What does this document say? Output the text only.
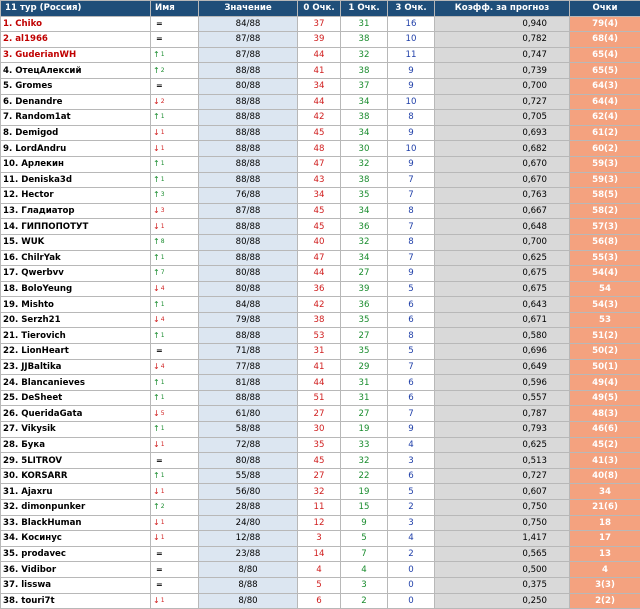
11 тур (Россия)	Имя	Значение	0 Очк.	1 Очк.	3 Очк.	Коэфф. за прогноз	Очки
1. Chiko	=	84/88	37	31	16	0,940	79(4)
2. al1966	=	87/88	39	38	10	0,782	68(4)
3. GuderianWH	↑1	87/88	44	32	11	0,747	65(4)
4. ОтецАлексий	↑2	88/88	41	38	9	0,739	65(5)
5. Gromes	=	80/88	34	37	9	0,700	64(3)
6. Denandre	↓2	88/88	44	34	10	0,727	64(4)
7. Random1at	↑1	88/88	42	38	8	0,705	62(4)
8. Demigod	↓1	88/88	45	34	9	0,693	61(2)
9. LordAndru	↓1	88/88	48	30	10	0,682	60(2)
10. Арлекин	↑1	88/88	47	32	9	0,670	59(3)
11. Deniska3d	↑1	88/88	43	38	7	0,670	59(3)
12. Hector	↑3	76/88	34	35	7	0,763	58(5)
13. Гладиатор	↓3	87/88	45	34	8	0,667	58(2)
14. ГИППОПОТУТ	↓1	88/88	45	36	7	0,648	57(3)
15. WUK	↑8	80/88	40	32	8	0,700	56(8)
16. ChilrYak	↑1	88/88	47	34	7	0,625	55(3)
17. Qwerbvv	↑7	80/88	44	27	9	0,675	54(4)
18. BoloYeung	↓4	80/88	36	39	5	0,675	54
19. Mishto	↑1	84/88	42	36	6	0,643	54(3)
20. Serzh21	↓4	79/88	38	35	6	0,671	53
21. Tierovich	↑1	88/88	53	27	8	0,580	51(2)
22. LionHeart	=	71/88	31	35	5	0,696	50(2)
23. JJBaltika	↓4	77/88	41	29	7	0,649	50(1)
24. Blancanieves	↑1	81/88	44	31	6	0,596	49(4)
25. DeSheet	↑1	88/88	51	31	6	0,557	49(5)
26. QueridaGata	↓5	61/80	27	27	7	0,787	48(3)
27. Vikysik	↑1	58/88	30	19	9	0,793	46(6)
28. Бука	↓1	72/88	35	33	4	0,625	45(2)
29. 5LITROV	=	80/88	45	32	3	0,513	41(3)
30. KORSARR	↑1	55/88	27	22	6	0,727	40(8)
31. Ajaxru	↓1	56/80	32	19	5	0,607	34
32. dimonpunker	↑2	28/88	11	15	2	0,750	21(6)
33. BlackHuman	↓1	24/80	12	9	3	0,750	18
34. Косинус	↓1	12/88	3	5	4	1,417	17
35. prodavec	=	23/88	14	7	2	0,565	13
36. Vidibor	=	8/80	4	4	0	0,500	4
37. lisswa	=	8/88	5	3	0	0,375	3(3)
38. touri7t	↓1	8/80	6	2	0	0,250	2(2)
